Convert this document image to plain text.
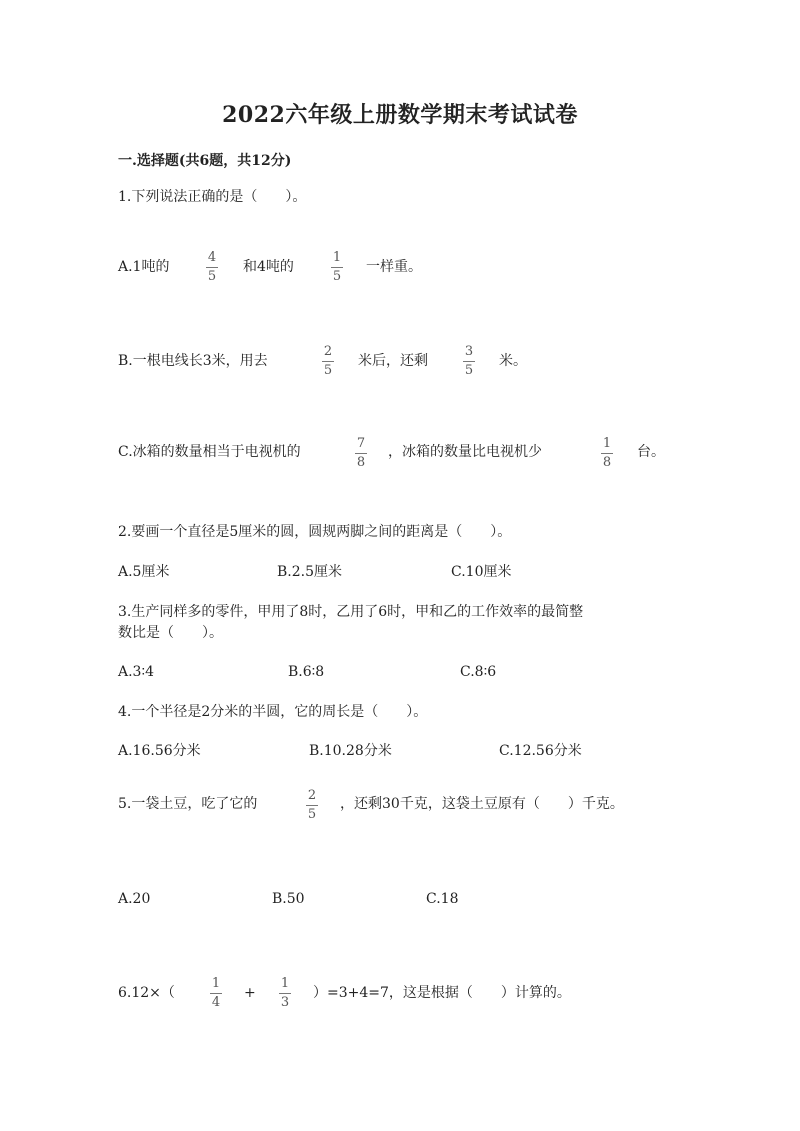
2022六年级上册数学期末考试试卷
一.选择题(共6题，共12分)
1.下列说法正确的是（　　）。
A.1吨的
4
5
和4吨的
1
5
一样重。
B.一根电线长3米，用去
2
5
米后，还剩
3
5
米。
C.冰箱的数量相当于电视机的
7
8
，冰箱的数量比电视机少
1
8
台。
2.要画一个直径是5厘米的圆，圆规两脚之间的距离是（　　）。
A.5厘米	B.2.5厘米	C.10厘米
3.生产同样多的零件，甲用了8时，乙用了6时，甲和乙的工作效率的最简整
数比是（　　）。
A.3∶4	B.6∶8	C.8∶6
4.一个半径是2分米的半圆，它的周长是（　　）。
A.16.56分米	B.10.28分米	C.12.56分米
5.一袋土豆，吃了它的
2
5
，还剩30千克，这袋土豆原有（　　）千克。
A.20	B.50	C.18
6.12×（
1
4
+
1
3
）=3+4=7，这是根据（　　）计算的。
